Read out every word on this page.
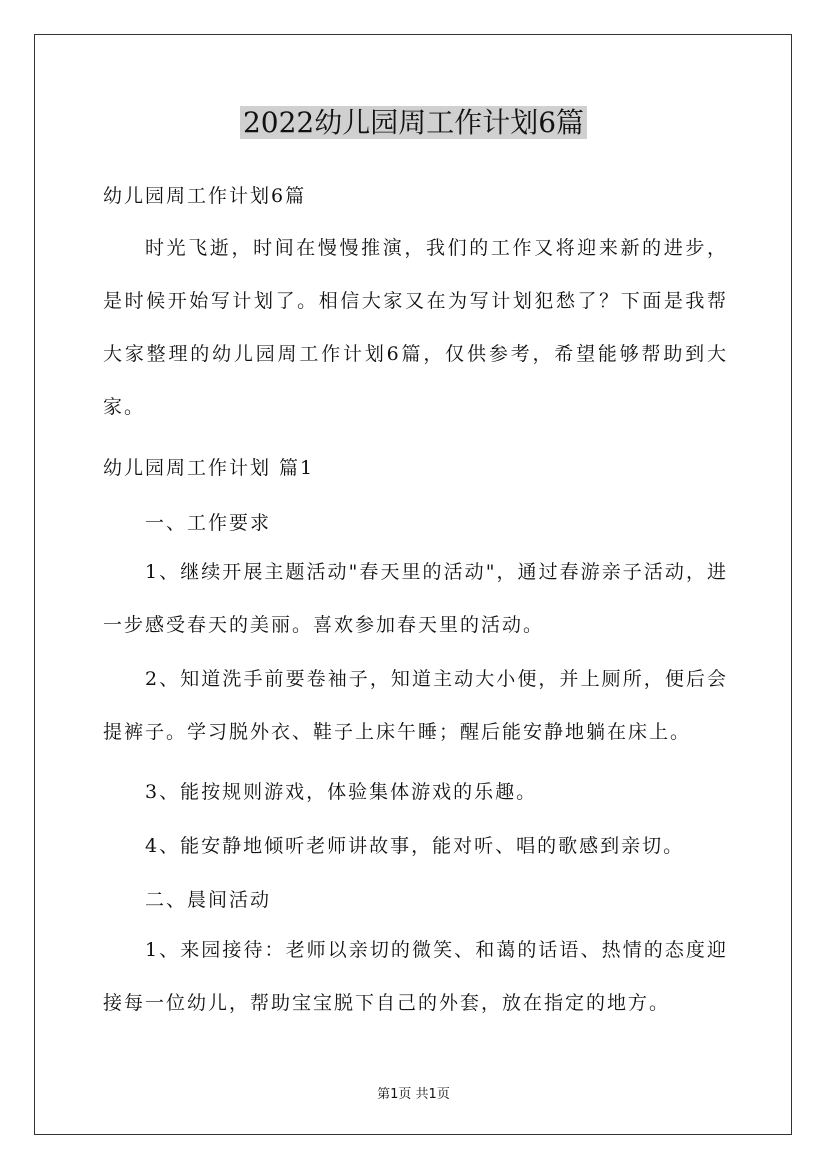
2022幼儿园周工作计划6篇

幼儿园周工作计划6篇

时光飞逝，时间在慢慢推演，我们的工作又将迎来新的进步，是时候开始写计划了。相信大家又在为写计划犯愁了？下面是我帮大家整理的幼儿园周工作计划6篇，仅供参考，希望能够帮助到大家。

幼儿园周工作计划 篇1

一、工作要求

1、继续开展主题活动"春天里的活动"，通过春游亲子活动，进一步感受春天的美丽。喜欢参加春天里的活动。

2、知道洗手前要卷袖子，知道主动大小便，并上厕所，便后会提裤子。学习脱外衣、鞋子上床午睡；醒后能安静地躺在床上。

3、能按规则游戏，体验集体游戏的乐趣。

4、能安静地倾听老师讲故事，能对听、唱的歌感到亲切。

二、晨间活动

1、来园接待：老师以亲切的微笑、和蔼的话语、热情的态度迎接每一位幼儿，帮助宝宝脱下自己的外套，放在指定的地方。

第1页 共1页
